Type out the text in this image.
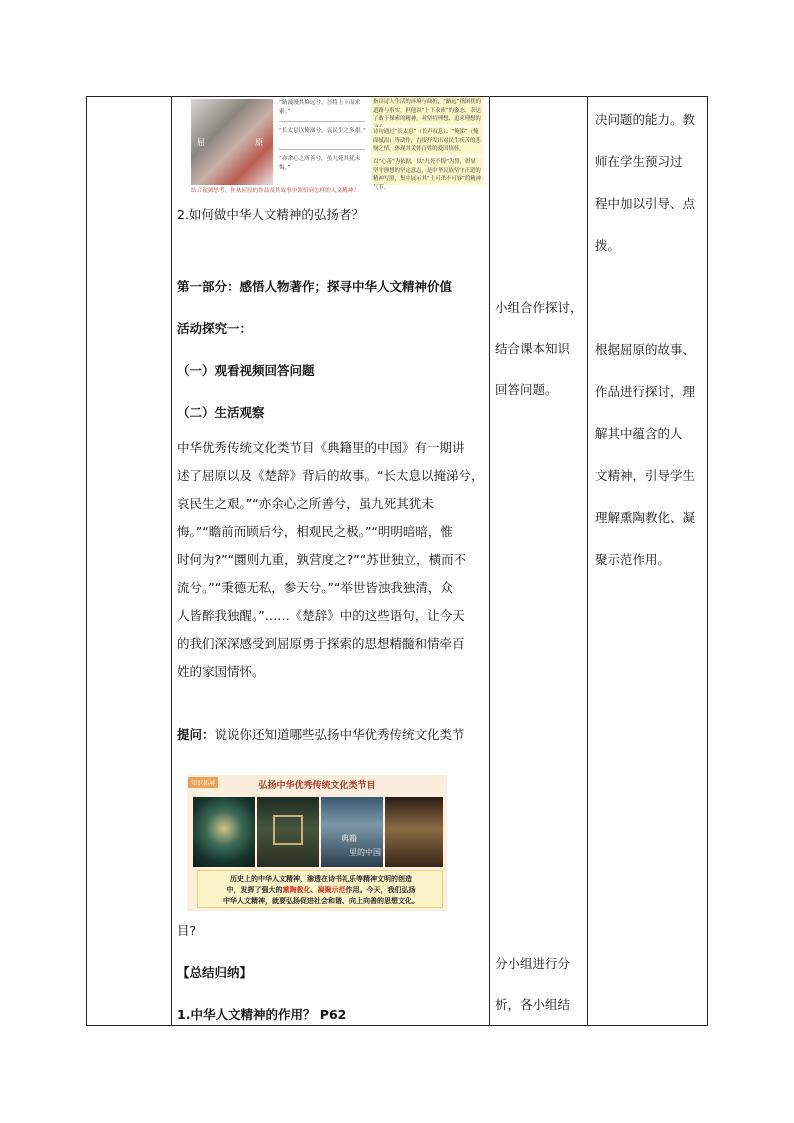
屈	原
“路漫漫其修远兮，吾将上下而求索。”
“长太息以掩涕兮，哀民生之多艰。”
“亦余心之所善兮，虽九死其犹未悔。”
指出诗人生活的环境与曲折，“路远”指困扰的道路与事实，但他以“上下求索”的姿态，表达了敢于探索的精神，对坚持理想、追求理想的
诗句通过“长太息”（长声叹息）、“掩涕”（掩面拭泪）等动作，直接抒发出对民生疾苦的悲悯之情，体现其关怀百姓的爱国情怀。
以“心善”为依据，以“九死不悔”为誓，彰显坚守理想的坚定意志，是中华民族坚守正道的精神写照，集中展示其“士可杀不可辱”的精神气节。
结合视频思考，你从屈原的作品及其故事中领悟到怎样的人文精神？
2.如何做中华人文精神的弘扬者？
第一部分：感悟人物著作；探寻中华人文精神价值
活动探究一：
（一）观看视频回答问题
（二）生活观察
中华优秀传统文化类节目《典籍里的中国》有一期讲
述了屈原以及《楚辞》背后的故事。“长太息以掩涕兮，
哀民生之艰。”“亦余心之所善兮，虽九死其犹未
悔。”“瞻前而顾后兮，相观民之极。”“明明暗暗，惟
时何为?”“圜则九重，孰营度之?”“苏世独立，横而不
流兮。”“秉德无私，参天兮。”“举世皆浊我独清，众
人皆醉我独醒。”……《楚辞》中的这些语句，让今天
的我们深深感受到屈原勇于探索的思想精髓和情牵百
姓的家国情怀。
提问：说说你还知道哪些弘扬中华优秀传统文化类节
知识拓展	弘扬中华优秀传统文化类节目
典籍
里的中国
历史上的中华人文精神，渗透在诗书礼乐等精神文明的创造
中，发挥了强大的熏陶教化、凝聚示范作用。今天，我们弘扬
中华人文精神，就要弘扬促进社会和谐、向上向善的思想文化。
目?
【总结归纳】
1.中华人文精神的作用？ P62
小组合作探讨，
结合课本知识
回答问题。
分小组进行分
析，各小组结
决问题的能力。教
师在学生预习过
程中加以引导、点
拨。
根据屈原的故事、
作品进行探讨，理
解其中蕴含的人
文精神，引导学生
理解熏陶教化、凝
聚示范作用。
